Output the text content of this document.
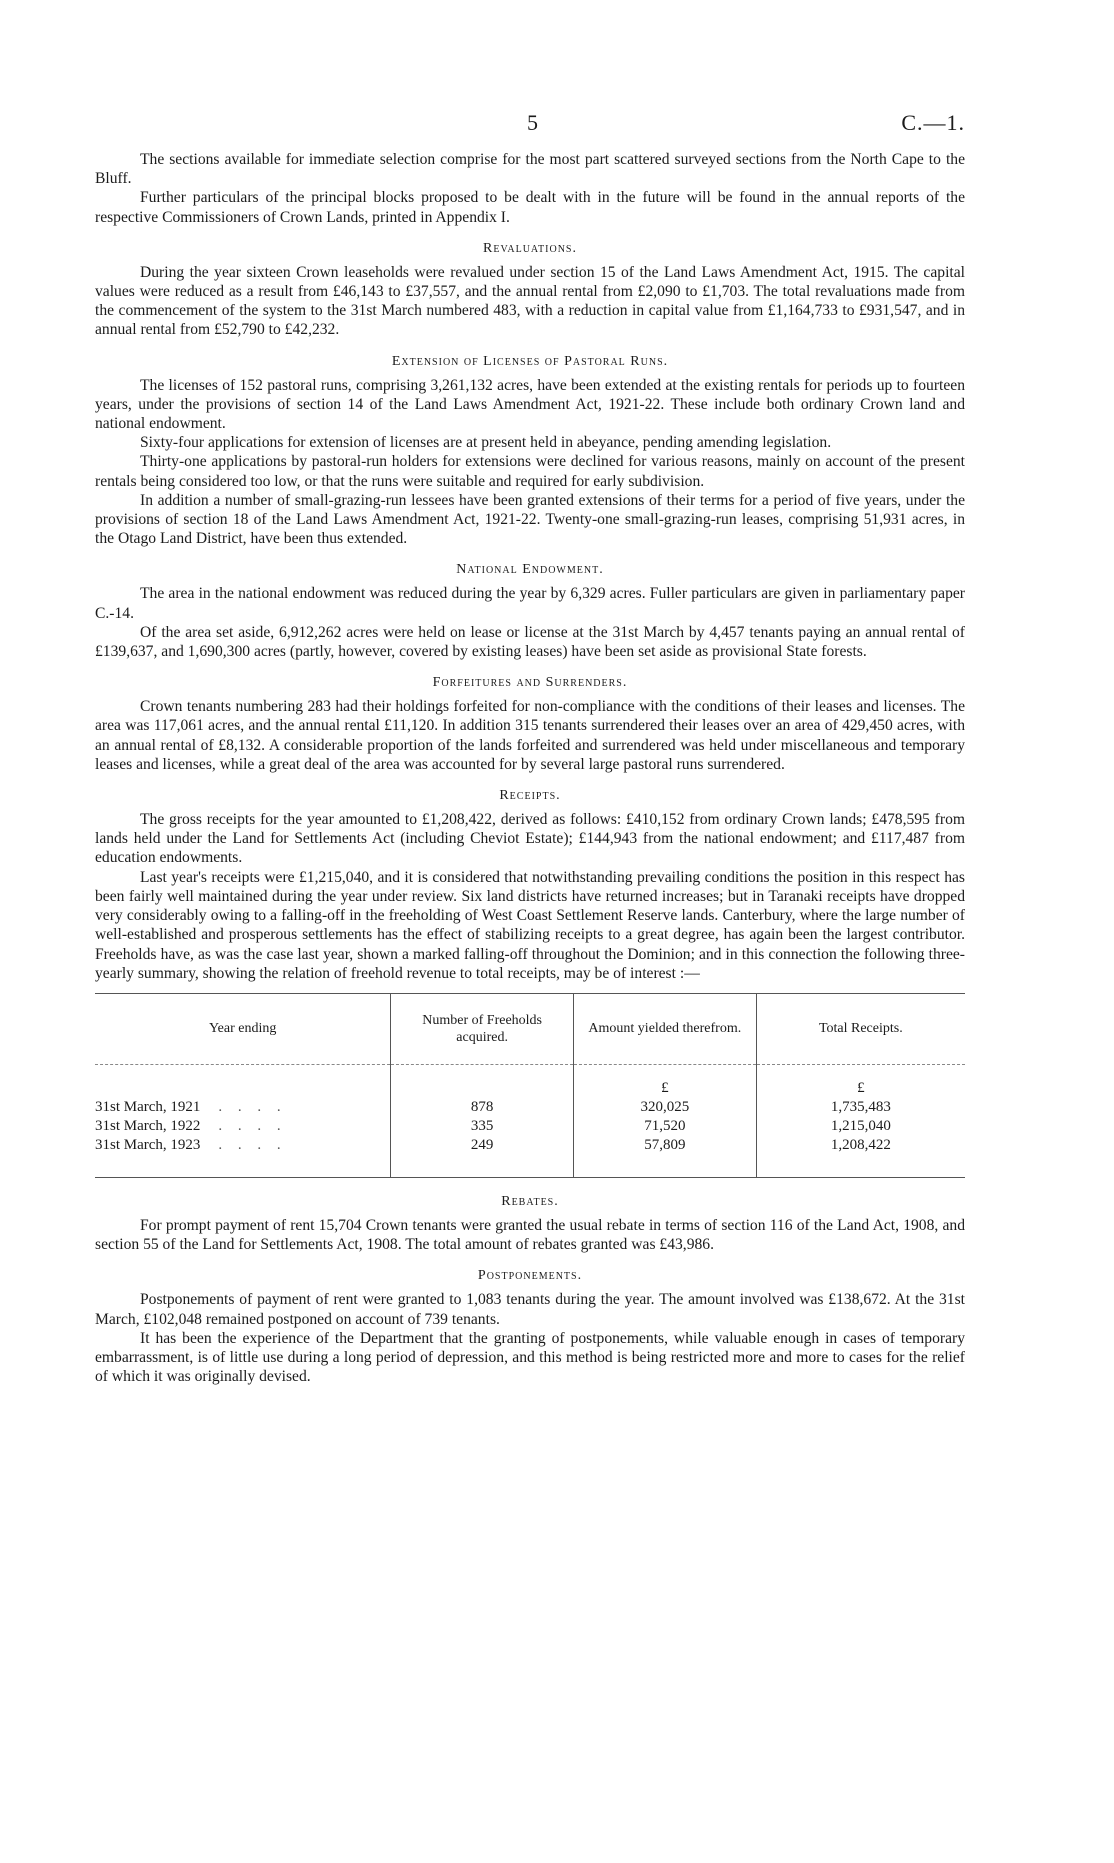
5	C.—1.

The sections available for immediate selection comprise for the most part scattered surveyed sections from the North Cape to the Bluff.

Further particulars of the principal blocks proposed to be dealt with in the future will be found in the annual reports of the respective Commissioners of Crown Lands, printed in Appendix I.

Revaluations.

During the year sixteen Crown leaseholds were revalued under section 15 of the Land Laws Amendment Act, 1915. The capital values were reduced as a result from £46,143 to £37,557, and the annual rental from £2,090 to £1,703. The total revaluations made from the commencement of the system to the 31st March numbered 483, with a reduction in capital value from £1,164,733 to £931,547, and in annual rental from £52,790 to £42,232.

Extension of Licenses of Pastoral Runs.

The licenses of 152 pastoral runs, comprising 3,261,132 acres, have been extended at the existing rentals for periods up to fourteen years, under the provisions of section 14 of the Land Laws Amendment Act, 1921-22. These include both ordinary Crown land and national endowment.

Sixty-four applications for extension of licenses are at present held in abeyance, pending amending legislation.

Thirty-one applications by pastoral-run holders for extensions were declined for various reasons, mainly on account of the present rentals being considered too low, or that the runs were suitable and required for early subdivision.

In addition a number of small-grazing-run lessees have been granted extensions of their terms for a period of five years, under the provisions of section 18 of the Land Laws Amendment Act, 1921-22. Twenty-one small-grazing-run leases, comprising 51,931 acres, in the Otago Land District, have been thus extended.

National Endowment.

The area in the national endowment was reduced during the year by 6,329 acres. Fuller particulars are given in parliamentary paper C.-14.

Of the area set aside, 6,912,262 acres were held on lease or license at the 31st March by 4,457 tenants paying an annual rental of £139,637, and 1,690,300 acres (partly, however, covered by existing leases) have been set aside as provisional State forests.

Forfeitures and Surrenders.

Crown tenants numbering 283 had their holdings forfeited for non-compliance with the conditions of their leases and licenses. The area was 117,061 acres, and the annual rental £11,120. In addition 315 tenants surrendered their leases over an area of 429,450 acres, with an annual rental of £8,132. A considerable proportion of the lands forfeited and surrendered was held under miscellaneous and temporary leases and licenses, while a great deal of the area was accounted for by several large pastoral runs surrendered.

Receipts.

The gross receipts for the year amounted to £1,208,422, derived as follows: £410,152 from ordinary Crown lands; £478,595 from lands held under the Land for Settlements Act (including Cheviot Estate); £144,943 from the national endowment; and £117,487 from education endowments.

Last year's receipts were £1,215,040, and it is considered that notwithstanding prevailing conditions the position in this respect has been fairly well maintained during the year under review. Six land districts have returned increases; but in Taranaki receipts have dropped very considerably owing to a falling-off in the freeholding of West Coast Settlement Reserve lands. Canterbury, where the large number of well-established and prosperous settlements has the effect of stabilizing receipts to a great degree, has again been the largest contributor. Freeholds have, as was the case last year, shown a marked falling-off throughout the Dominion; and in this connection the following three-yearly summary, showing the relation of freehold revenue to total receipts, may be of interest :—

Year ending	Number of Freeholds acquired.	Amount yielded therefrom.	Total Receipts.
		£	£
31st March, 1921 . . . .	878	320,025	1,735,483
31st March, 1922 . . . .	335	71,520	1,215,040
31st March, 1923 . . . .	249	57,809	1,208,422
Rebates.

For prompt payment of rent 15,704 Crown tenants were granted the usual rebate in terms of section 116 of the Land Act, 1908, and section 55 of the Land for Settlements Act, 1908. The total amount of rebates granted was £43,986.

Postponements.

Postponements of payment of rent were granted to 1,083 tenants during the year. The amount involved was £138,672. At the 31st March, £102,048 remained postponed on account of 739 tenants.

It has been the experience of the Department that the granting of postponements, while valuable enough in cases of temporary embarrassment, is of little use during a long period of depression, and this method is being restricted more and more to cases for the relief of which it was originally devised.
